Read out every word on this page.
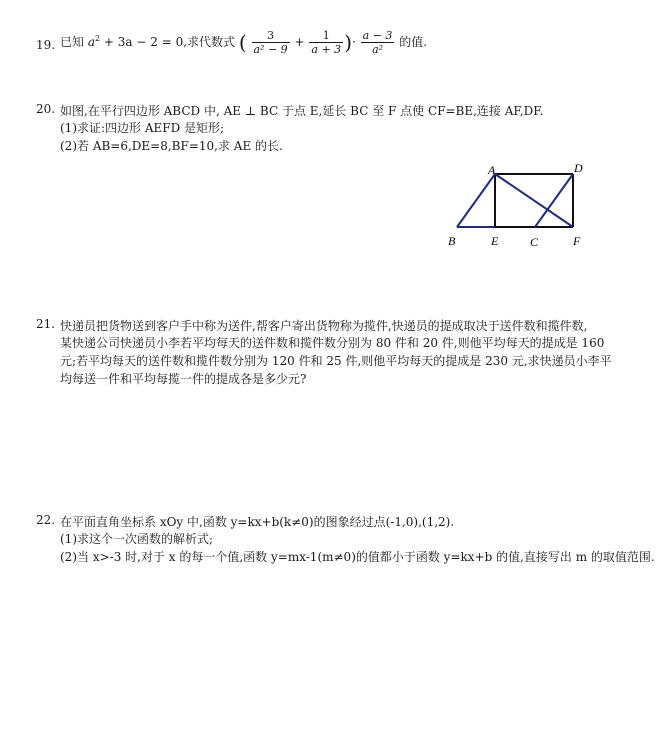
19. 已知 $a^2 + 3a - 2 = 0$,求代数式 ( $\frac{3}{\text{a² − 9}} + \frac{1}{a + 3}$ )· $\frac{a - 3}{\text{a²}}$ 的值.
20. 如图,在平行四边形 ABCD 中, AE ⊥ BC 于点 E,延长 BC 至 F 点使 CF=BE,连接 AF,DF.
(1)求证:四边形 AEFD 是矩形;
(2)若 AB=6,DE=8,BF=10,求 AE 的长.
A	D
B	E	C	F
21. 快递员把货物送到客户手中称为送件,帮客户寄出货物称为揽件,快递员的提成取决于送件数和揽件数,
某快递公司快递员小李若平均每天的送件数和揽件数分别为 80 件和 20 件,则他平均每天的提成是 160
元;若平均每天的送件数和揽件数分别为 120 件和 25 件,则他平均每天的提成是 230 元,求快递员小李平
均每送一件和平均每揽一件的提成各是多少元?
22. 在平面直角坐标系 xOy 中,函数 y=kx+b(k≠0)的图象经过点(-1,0),(1,2).
(1)求这个一次函数的解析式;
(2)当 x>-3 时,对于 x 的每一个值,函数 y=mx-1(m≠0)的值都小于函数 y=kx+b 的值,直接写出 m 的取值范围.
